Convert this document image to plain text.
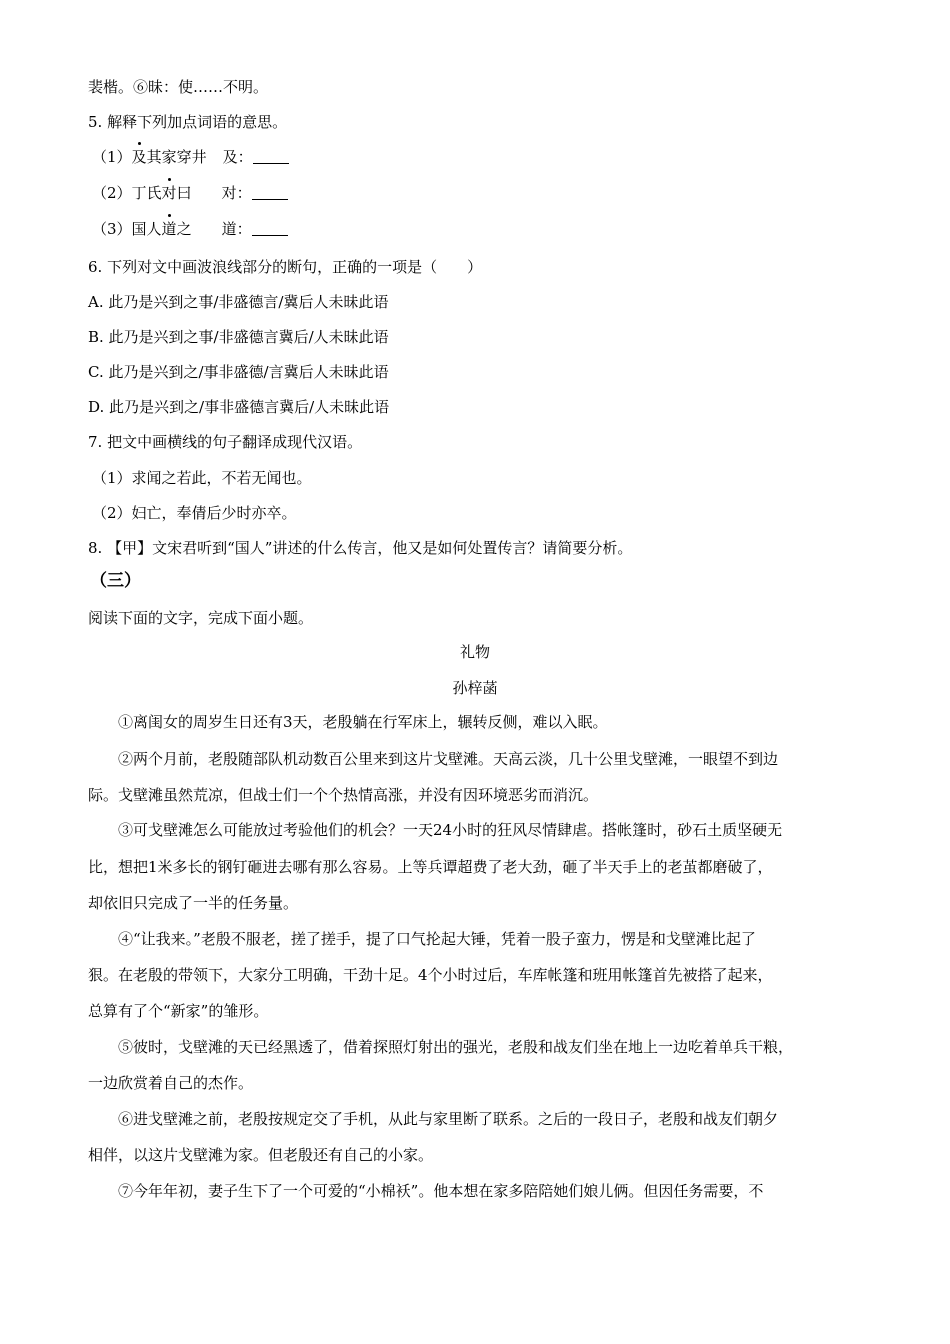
裴楷。⑥昧：使……不明。
5. 解释下列加点词语的意思。
（1）及其家穿井 及：
（2）丁氏对曰 对：
（3）国人道之 道：
6. 下列对文中画波浪线部分的断句，正确的一项是（　　）
A. 此乃是兴到之事/非盛德言/冀后人未昧此语
B. 此乃是兴到之事/非盛德言冀后/人未昧此语
C. 此乃是兴到之/事非盛德/言冀后人未昧此语
D. 此乃是兴到之/事非盛德言冀后/人未昧此语
7. 把文中画横线的句子翻译成现代汉语。
（1）求闻之若此，不若无闻也。
（2）妇亡，奉倩后少时亦卒。
8. 【甲】文宋君听到“国人”讲述的什么传言，他又是如何处置传言？请简要分析。
（三）
阅读下面的文字，完成下面小题。
礼物
孙梓菡
①离闺女的周岁生日还有3天，老殷躺在行军床上，辗转反侧，难以入眠。
②两个月前，老殷随部队机动数百公里来到这片戈壁滩。天高云淡，几十公里戈壁滩，一眼望不到边
际。戈壁滩虽然荒凉，但战士们一个个热情高涨，并没有因环境恶劣而消沉。
③可戈壁滩怎么可能放过考验他们的机会？一天24小时的狂风尽情肆虐。搭帐篷时，砂石土质坚硬无
比，想把1米多长的钢钉砸进去哪有那么容易。上等兵谭超费了老大劲，砸了半天手上的老茧都磨破了，
却依旧只完成了一半的任务量。
④“让我来。”老殷不服老，搓了搓手，提了口气抡起大锤，凭着一股子蛮力，愣是和戈壁滩比起了
狠。在老殷的带领下，大家分工明确，干劲十足。4个小时过后，车库帐篷和班用帐篷首先被搭了起来，
总算有了个“新家”的雏形。
⑤彼时，戈壁滩的天已经黑透了，借着探照灯射出的强光，老殷和战友们坐在地上一边吃着单兵干粮，
一边欣赏着自己的杰作。
⑥进戈壁滩之前，老殷按规定交了手机，从此与家里断了联系。之后的一段日子，老殷和战友们朝夕
相伴，以这片戈壁滩为家。但老殷还有自己的小家。
⑦今年年初，妻子生下了一个可爱的“小棉袄”。他本想在家多陪陪她们娘儿俩。但因任务需要，不
